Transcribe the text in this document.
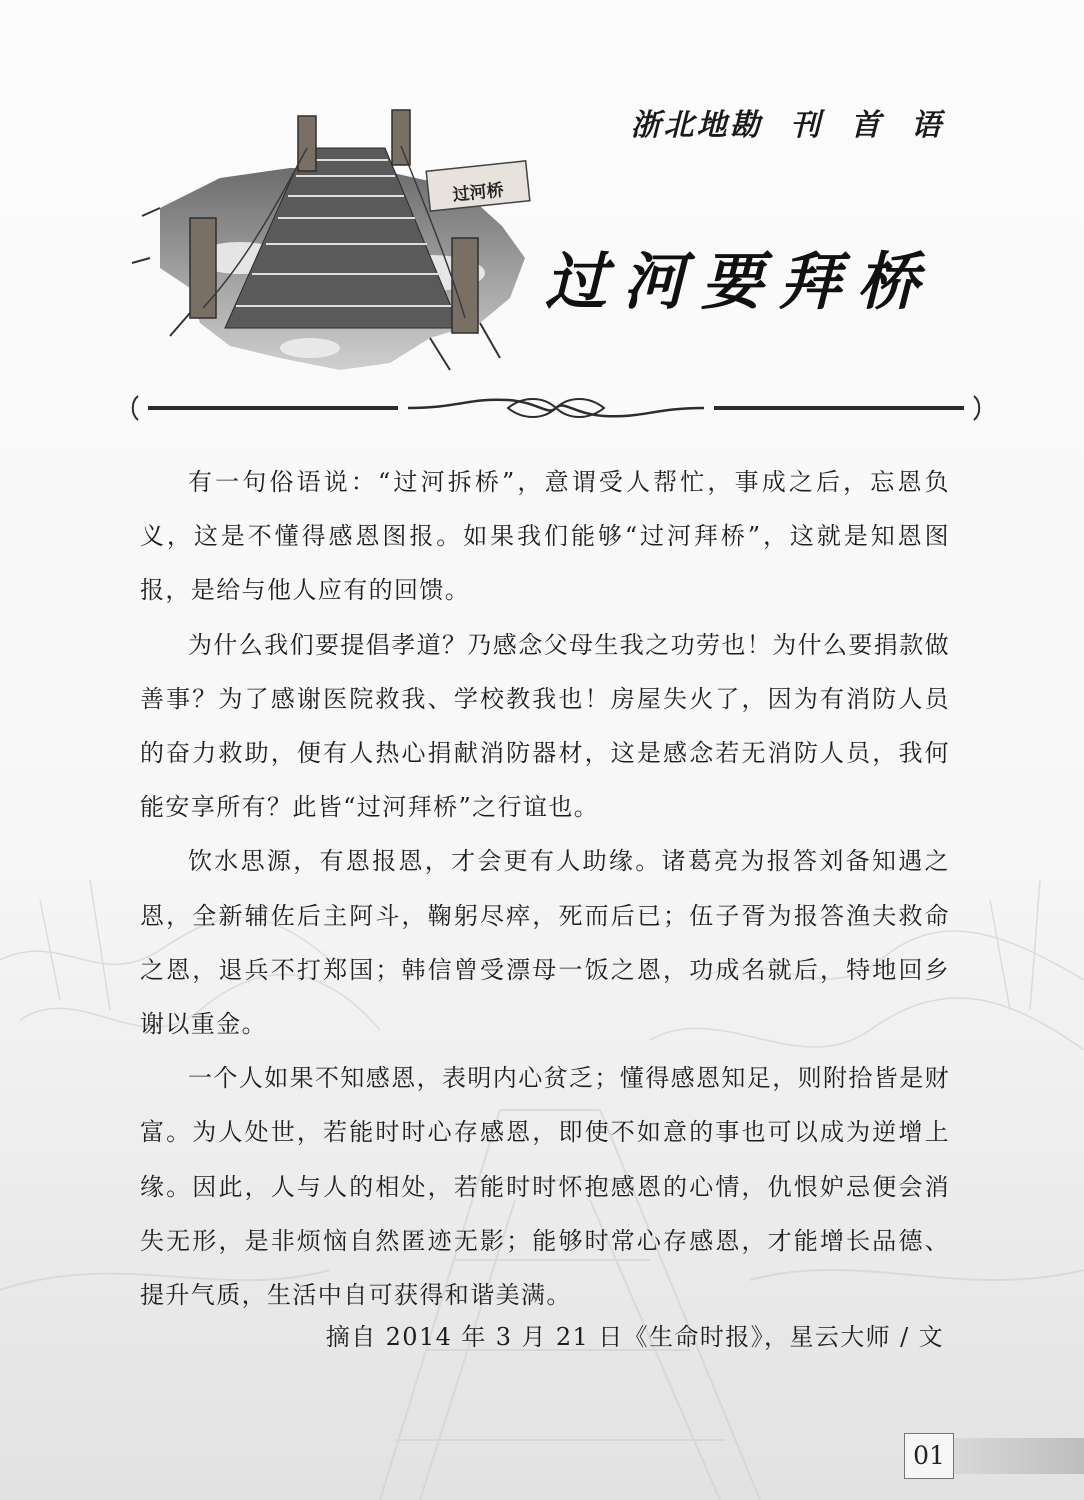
浙北地勘 刊 首 语
过河桥
过河要拜桥

有一句俗语说：“过河拆桥”，意谓受人帮忙，事成之后，忘恩负义，这是不懂得感恩图报。如果我们能够“过河拜桥”，这就是知恩图报，是给与他人应有的回馈。

为什么我们要提倡孝道？乃感念父母生我之功劳也！为什么要捐款做善事？为了感谢医院救我、学校教我也！房屋失火了，因为有消防人员的奋力救助，便有人热心捐献消防器材，这是感念若无消防人员，我何能安享所有？此皆“过河拜桥”之行谊也。

饮水思源，有恩报恩，才会更有人助缘。诸葛亮为报答刘备知遇之恩，全新辅佐后主阿斗，鞠躬尽瘁，死而后已；伍子胥为报答渔夫救命之恩，退兵不打郑国；韩信曾受漂母一饭之恩，功成名就后，特地回乡谢以重金。

一个人如果不知感恩，表明内心贫乏；懂得感恩知足，则附拾皆是财富。为人处世，若能时时心存感恩，即使不如意的事也可以成为逆增上缘。因此，人与人的相处，若能时时怀抱感恩的心情，仇恨妒忌便会消失无形，是非烦恼自然匿迹无影；能够时常心存感恩，才能增长品德、提升气质，生活中自可获得和谐美满。

摘自 2014 年 3 月 21 日《生命时报》，星云大师 / 文
01
